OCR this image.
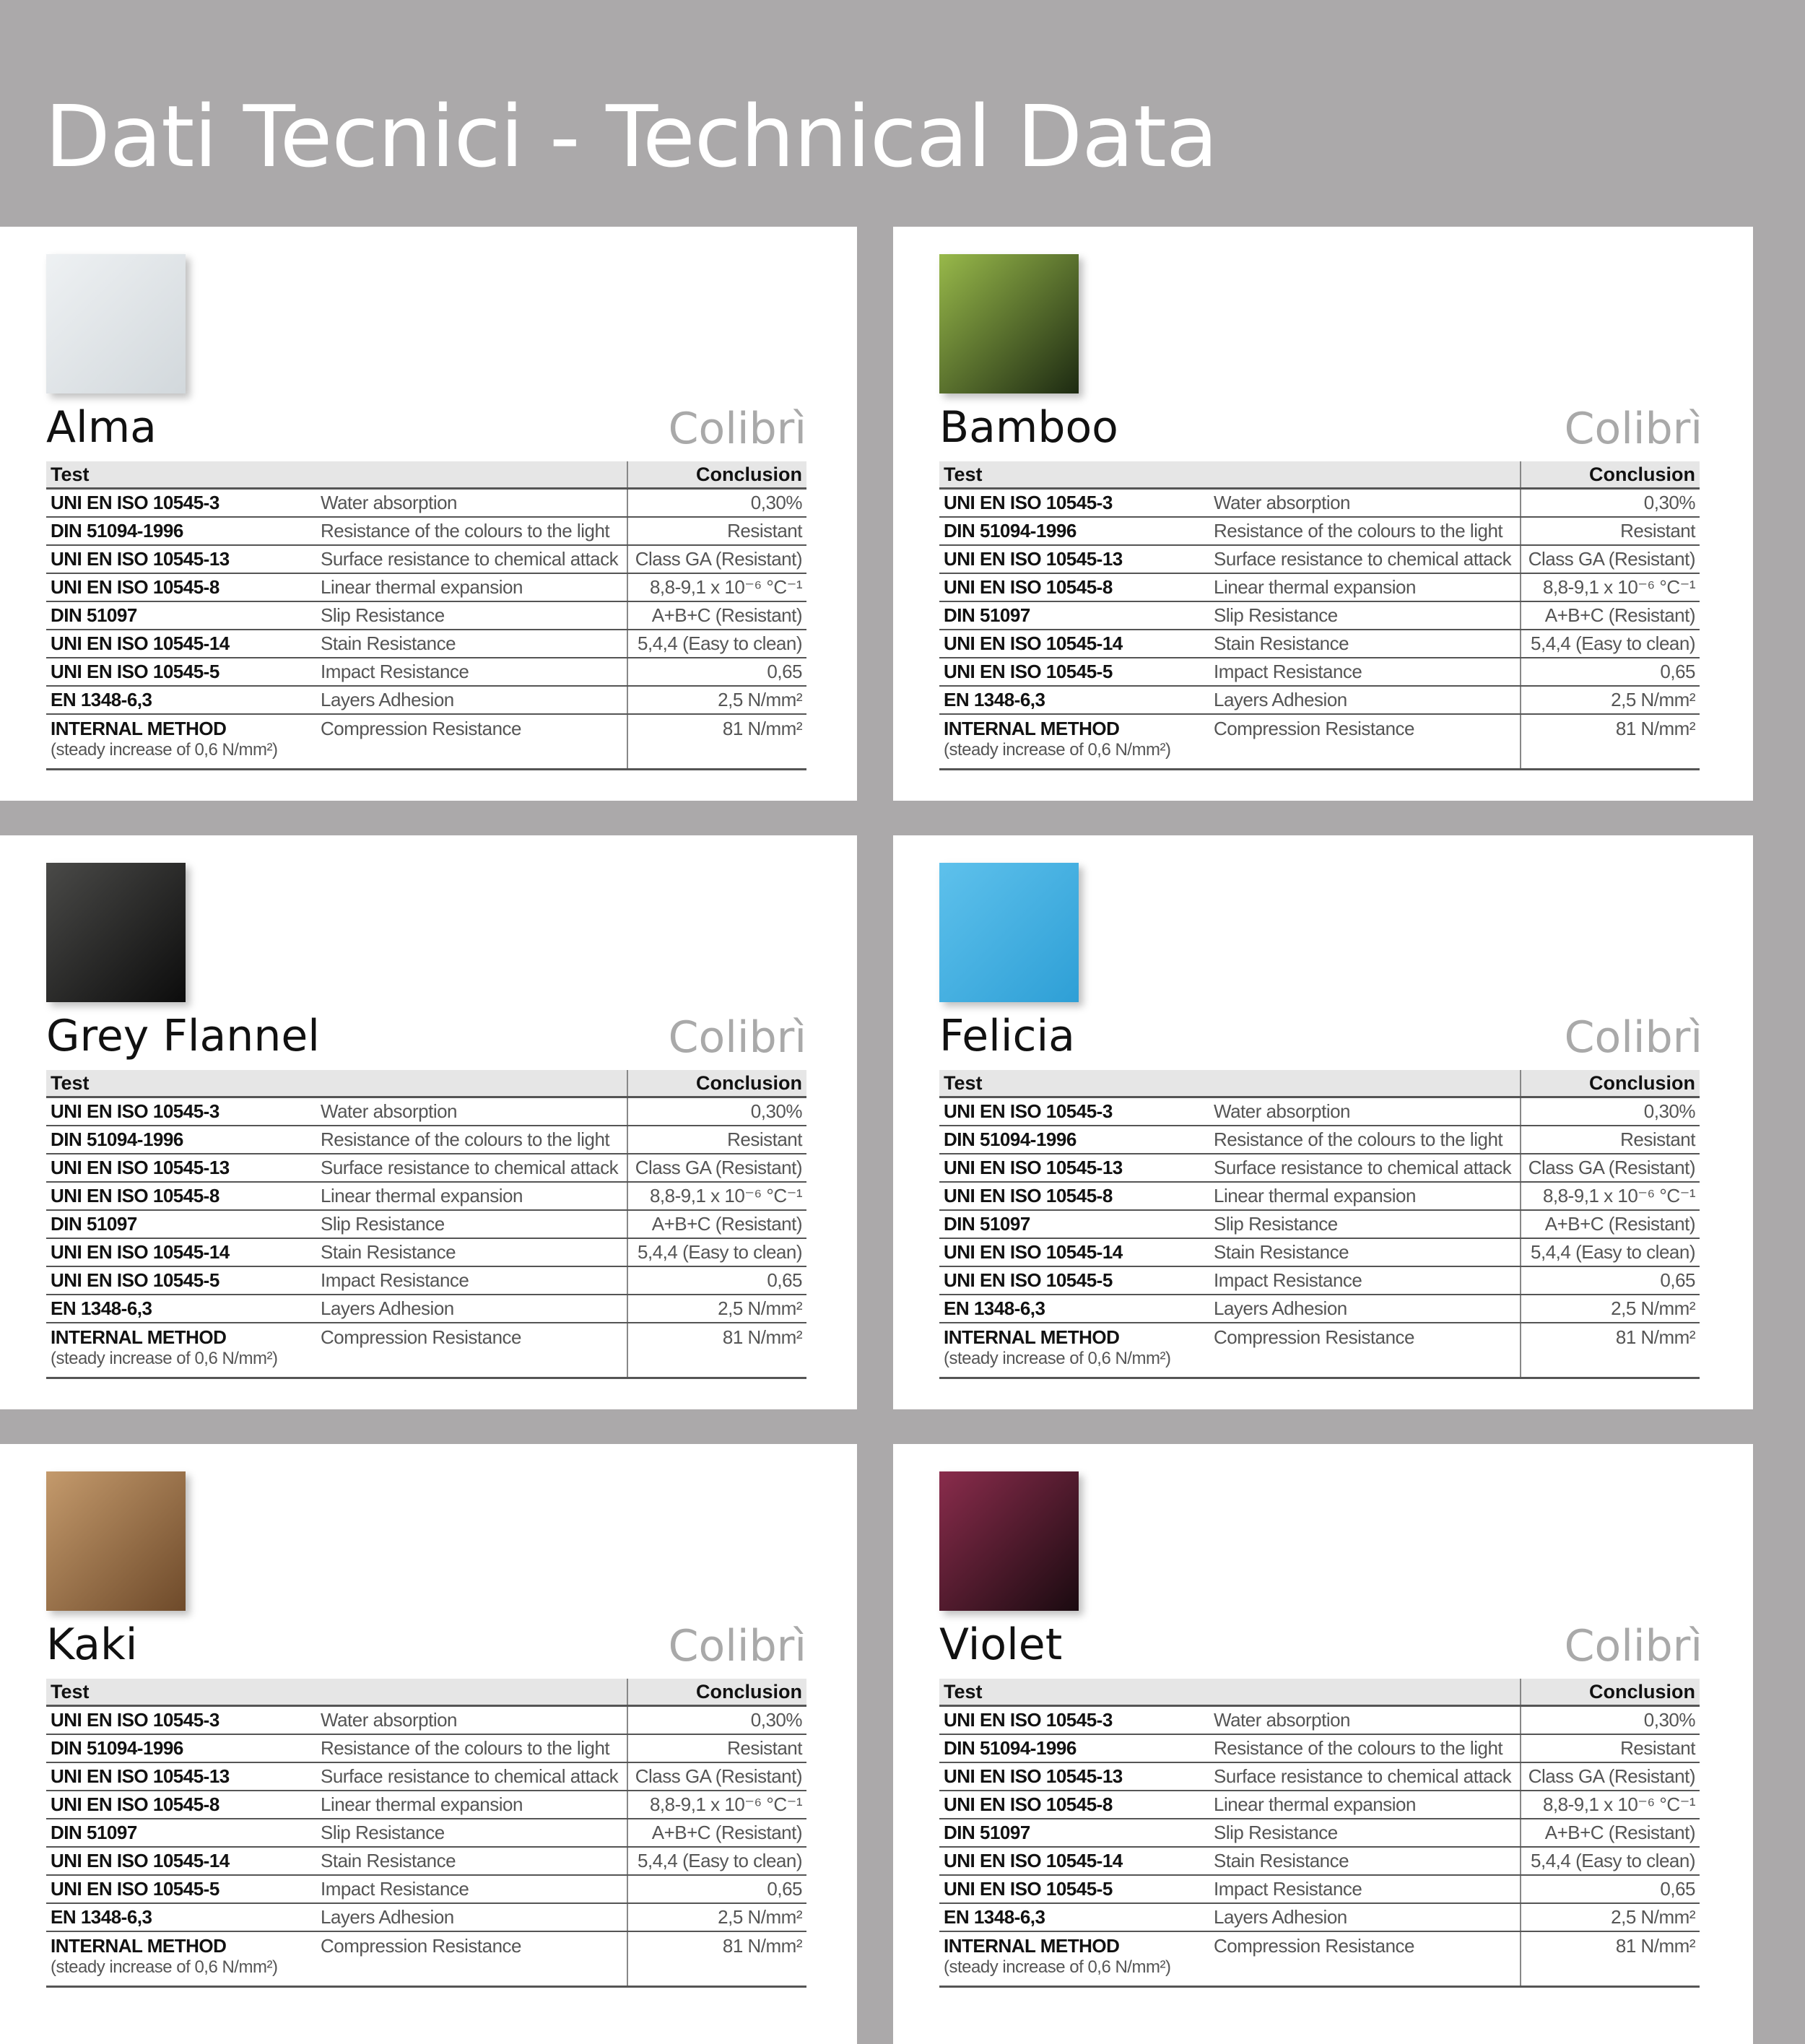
Dati Tecnici - Technical Data
Alma	Colibrì
Test		Conclusion
UNI EN ISO 10545-3	Water absorption	0,30%
DIN 51094-1996	Resistance of the colours to the light	Resistant
UNI EN ISO 10545-13	Surface resistance to chemical attack	Class GA (Resistant)
UNI EN ISO 10545-8	Linear thermal expansion	8,8-9,1 x 10⁻⁶ °C⁻¹
DIN 51097	Slip Resistance	A+B+C (Resistant)
UNI EN ISO 10545-14	Stain Resistance	5,4,4 (Easy to clean)
UNI EN ISO 10545-5	Impact Resistance	0,65
EN 1348-6,3	Layers Adhesion	2,5 N/mm²
INTERNAL METHOD
(steady increase of 0,6 N/mm²)	Compression Resistance	81 N/mm²
Bamboo	Colibrì
Test		Conclusion
UNI EN ISO 10545-3	Water absorption	0,30%
DIN 51094-1996	Resistance of the colours to the light	Resistant
UNI EN ISO 10545-13	Surface resistance to chemical attack	Class GA (Resistant)
UNI EN ISO 10545-8	Linear thermal expansion	8,8-9,1 x 10⁻⁶ °C⁻¹
DIN 51097	Slip Resistance	A+B+C (Resistant)
UNI EN ISO 10545-14	Stain Resistance	5,4,4 (Easy to clean)
UNI EN ISO 10545-5	Impact Resistance	0,65
EN 1348-6,3	Layers Adhesion	2,5 N/mm²
INTERNAL METHOD
(steady increase of 0,6 N/mm²)	Compression Resistance	81 N/mm²
Grey Flannel	Colibrì
Test		Conclusion
UNI EN ISO 10545-3	Water absorption	0,30%
DIN 51094-1996	Resistance of the colours to the light	Resistant
UNI EN ISO 10545-13	Surface resistance to chemical attack	Class GA (Resistant)
UNI EN ISO 10545-8	Linear thermal expansion	8,8-9,1 x 10⁻⁶ °C⁻¹
DIN 51097	Slip Resistance	A+B+C (Resistant)
UNI EN ISO 10545-14	Stain Resistance	5,4,4 (Easy to clean)
UNI EN ISO 10545-5	Impact Resistance	0,65
EN 1348-6,3	Layers Adhesion	2,5 N/mm²
INTERNAL METHOD
(steady increase of 0,6 N/mm²)	Compression Resistance	81 N/mm²
Felicia	Colibrì
Test		Conclusion
UNI EN ISO 10545-3	Water absorption	0,30%
DIN 51094-1996	Resistance of the colours to the light	Resistant
UNI EN ISO 10545-13	Surface resistance to chemical attack	Class GA (Resistant)
UNI EN ISO 10545-8	Linear thermal expansion	8,8-9,1 x 10⁻⁶ °C⁻¹
DIN 51097	Slip Resistance	A+B+C (Resistant)
UNI EN ISO 10545-14	Stain Resistance	5,4,4 (Easy to clean)
UNI EN ISO 10545-5	Impact Resistance	0,65
EN 1348-6,3	Layers Adhesion	2,5 N/mm²
INTERNAL METHOD
(steady increase of 0,6 N/mm²)	Compression Resistance	81 N/mm²
Kaki	Colibrì
Test		Conclusion
UNI EN ISO 10545-3	Water absorption	0,30%
DIN 51094-1996	Resistance of the colours to the light	Resistant
UNI EN ISO 10545-13	Surface resistance to chemical attack	Class GA (Resistant)
UNI EN ISO 10545-8	Linear thermal expansion	8,8-9,1 x 10⁻⁶ °C⁻¹
DIN 51097	Slip Resistance	A+B+C (Resistant)
UNI EN ISO 10545-14	Stain Resistance	5,4,4 (Easy to clean)
UNI EN ISO 10545-5	Impact Resistance	0,65
EN 1348-6,3	Layers Adhesion	2,5 N/mm²
INTERNAL METHOD
(steady increase of 0,6 N/mm²)	Compression Resistance	81 N/mm²
Violet	Colibrì
Test		Conclusion
UNI EN ISO 10545-3	Water absorption	0,30%
DIN 51094-1996	Resistance of the colours to the light	Resistant
UNI EN ISO 10545-13	Surface resistance to chemical attack	Class GA (Resistant)
UNI EN ISO 10545-8	Linear thermal expansion	8,8-9,1 x 10⁻⁶ °C⁻¹
DIN 51097	Slip Resistance	A+B+C (Resistant)
UNI EN ISO 10545-14	Stain Resistance	5,4,4 (Easy to clean)
UNI EN ISO 10545-5	Impact Resistance	0,65
EN 1348-6,3	Layers Adhesion	2,5 N/mm²
INTERNAL METHOD
(steady increase of 0,6 N/mm²)	Compression Resistance	81 N/mm²
